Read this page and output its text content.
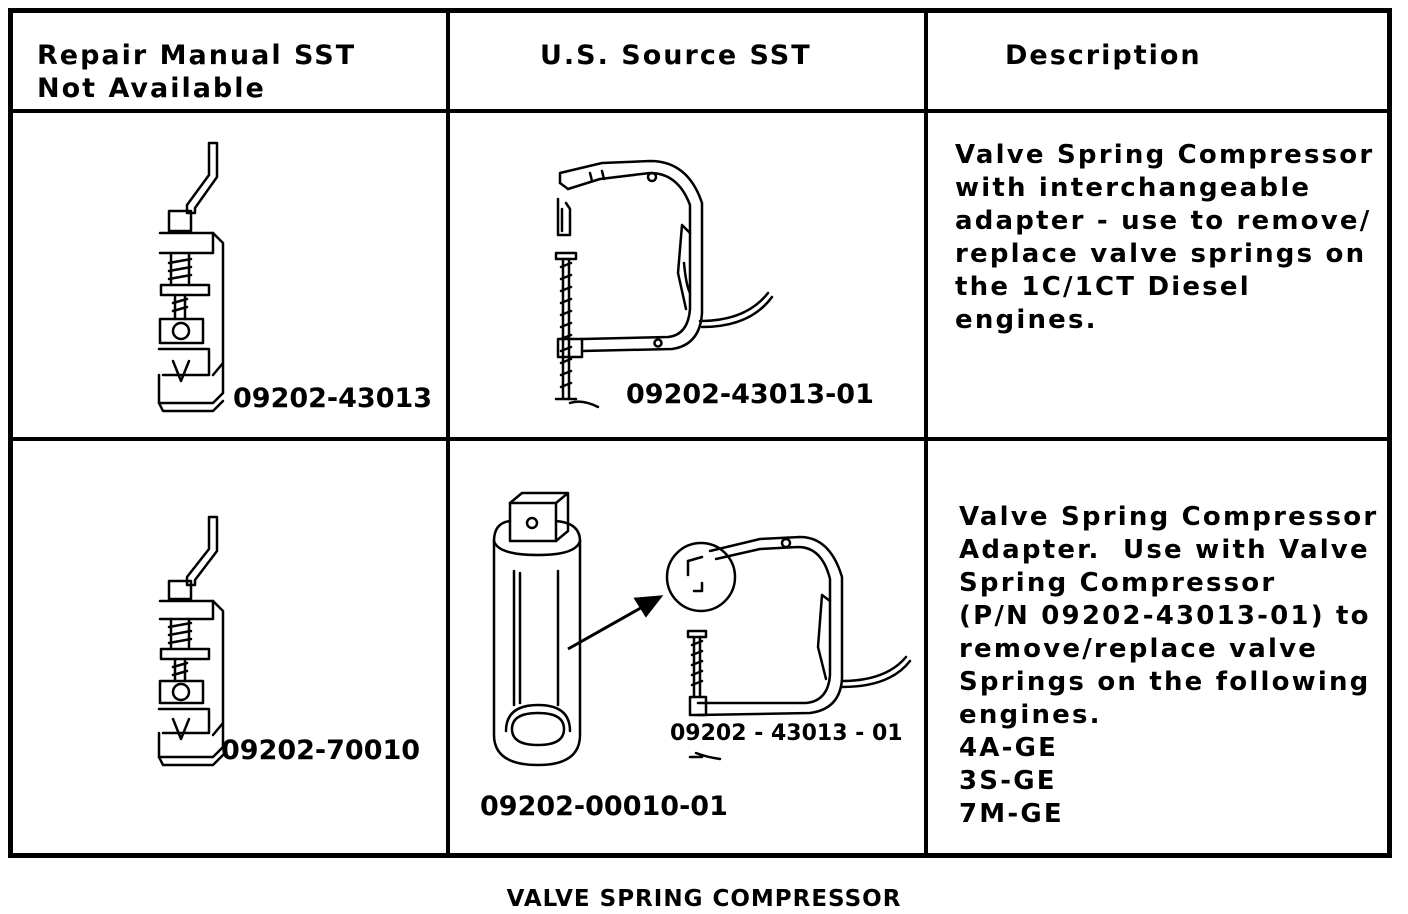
Repair Manual SST
Not Available
U.S. Source SST	Description
09202-43013	09202-43013-01
Valve Spring Compressor
with interchangeable
adapter - use to remove/
replace valve springs on
the 1C/1CT Diesel
engines.
09202-70010
09202 - 43013 - 01
09202-00010-01
Valve Spring Compressor
Adapter.  Use with Valve
Spring Compressor
(P/N 09202-43013-01) to
remove/replace valve
Springs on the following
engines.
4A-GE
3S-GE
7M-GE
VALVE SPRING COMPRESSOR
